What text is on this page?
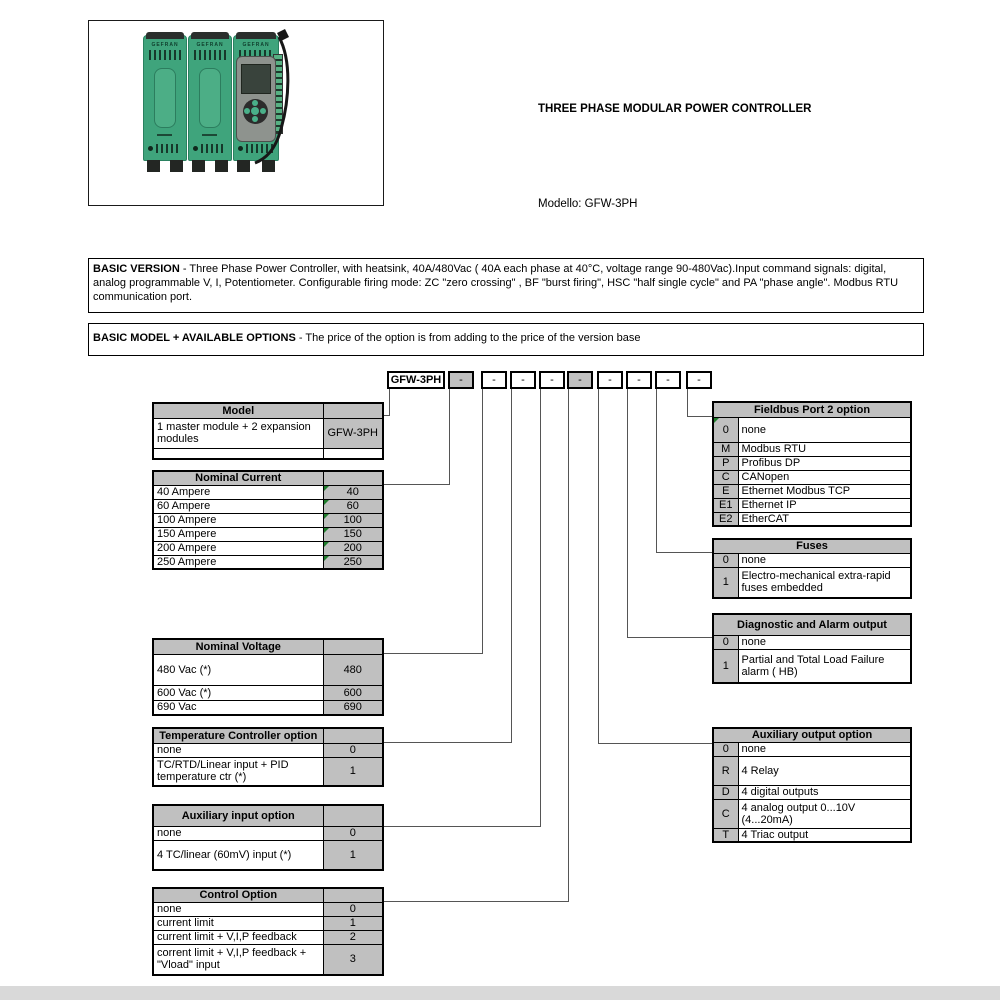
GEFRAN	GEFRAN	GEFRAN
THREE PHASE MODULAR POWER CONTROLLER
Modello: GFW-3PH
BASIC VERSION - Three Phase Power Controller, with heatsink, 40A/480Vac ( 40A each phase at 40°C, voltage range 90-480Vac).Input command signals: digital, analog programmable V, I, Potentiometer. Configurable firing mode: ZC "zero crossing" , BF "burst firing", HSC "half single cycle" and PA "phase angle". Modbus RTU communication port.
BASIC MODEL + AVAILABLE OPTIONS - The price of the option is from adding to the price of the version base
GFW-3PH	-	-	-	-	-	-	-	-	-
Model	
1 master module + 2 expansion modules	GFW-3PH

Nominal Current	
40 Ampere	40
60 Ampere	60
100 Ampere	100
150 Ampere	150
200 Ampere	200
250 Ampere	250
Nominal Voltage	
480 Vac (*)	480
600 Vac (*)	600
690 Vac	690
Temperature Controller option	
none	0
TC/RTD/Linear input + PID temperature ctr (*)	1
Auxiliary input option	
none	0
4 TC/linear (60mV) input (*)	1
Control Option	
none	0
current limit	1
current limit + V,I,P feedback	2
corrent limit + V,I,P feedback + "Vload" input	3
Fieldbus Port 2 option	
0	none
M	Modbus RTU
P	Profibus DP
C	CANopen
E	Ethernet Modbus TCP
E1	Ethernet IP
E2	EtherCAT
Fuses	
0	none
1	Electro-mechanical extra-rapid fuses embedded
Diagnostic and Alarm output	
0	none
1	Partial and Total Load Failure alarm ( HB)
Auxiliary output option	
0	none
R	4 Relay
D	4 digital outputs
C	4 analog output 0...10V (4...20mA)
T	4 Triac output
